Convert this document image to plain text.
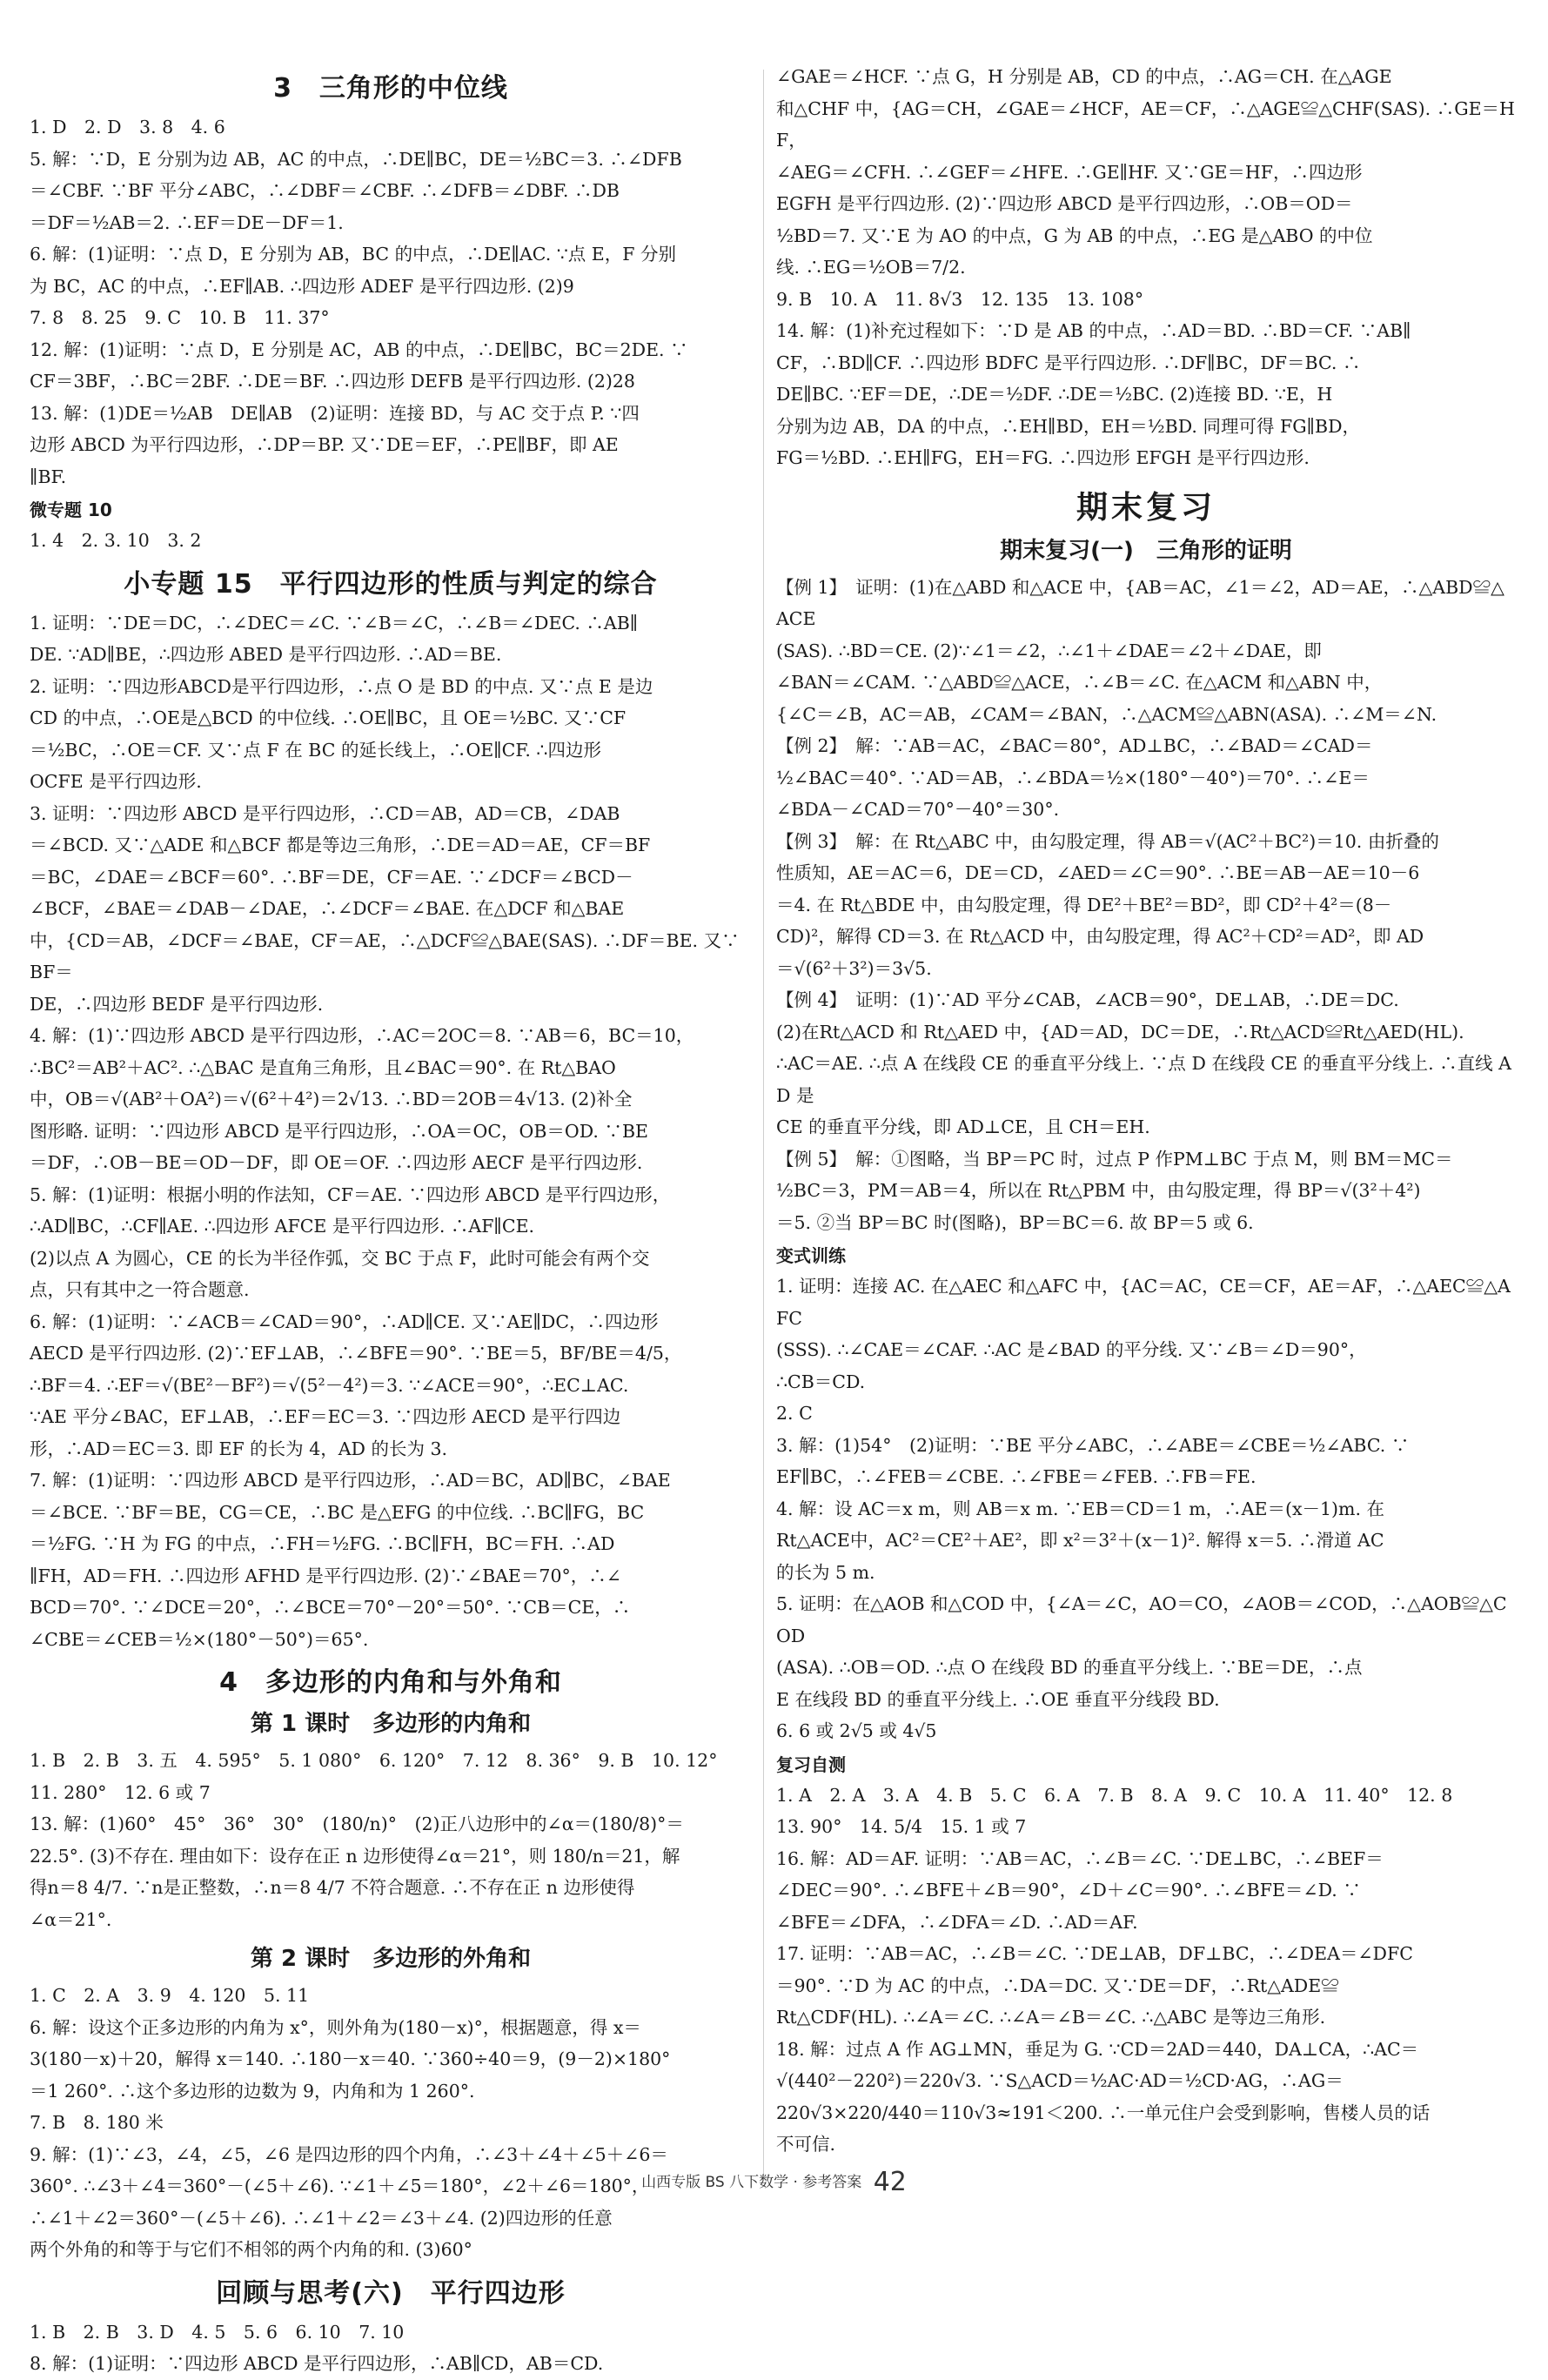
3　三角形的中位线

1. D　2. D　3. 8　4. 6

5. 解：∵D，E 分别为边 AB，AC 的中点，∴DE∥BC，DE＝½BC＝3. ∴∠DFB

＝∠CBF. ∵BF 平分∠ABC，∴∠DBF＝∠CBF. ∴∠DFB＝∠DBF. ∴DB

＝DF＝½AB＝2. ∴EF＝DE－DF＝1.

6. 解：(1)证明：∵点 D，E 分别为 AB，BC 的中点，∴DE∥AC. ∵点 E，F 分别

为 BC，AC 的中点，∴EF∥AB. ∴四边形 ADEF 是平行四边形. (2)9

7. 8　8. 25　9. C　10. B　11. 37°

12. 解：(1)证明：∵点 D，E 分别是 AC，AB 的中点，∴DE∥BC，BC＝2DE. ∵

CF＝3BF，∴BC＝2BF. ∴DE＝BF. ∴四边形 DEFB 是平行四边形. (2)28

13. 解：(1)DE＝½AB　DE∥AB　(2)证明：连接 BD，与 AC 交于点 P. ∵四

边形 ABCD 为平行四边形，∴DP＝BP. 又∵DE＝EF，∴PE∥BF，即 AE

∥BF.

微专题 10

1. 4　2. 3. 10　3. 2

小专题 15　平行四边形的性质与判定的综合

1. 证明：∵DE＝DC，∴∠DEC＝∠C. ∵∠B＝∠C，∴∠B＝∠DEC. ∴AB∥

DE. ∵AD∥BE，∴四边形 ABED 是平行四边形. ∴AD＝BE.

2. 证明：∵四边形ABCD是平行四边形，∴点 O 是 BD 的中点. 又∵点 E 是边

CD 的中点，∴OE是△BCD 的中位线. ∴OE∥BC，且 OE＝½BC. 又∵CF

＝½BC，∴OE＝CF. 又∵点 F 在 BC 的延长线上，∴OE∥CF. ∴四边形

OCFE 是平行四边形.

3. 证明：∵四边形 ABCD 是平行四边形，∴CD＝AB，AD＝CB，∠DAB

＝∠BCD. 又∵△ADE 和△BCF 都是等边三角形，∴DE＝AD＝AE，CF＝BF

＝BC，∠DAE＝∠BCF＝60°. ∴BF＝DE，CF＝AE. ∵∠DCF＝∠BCD－

∠BCF，∠BAE＝∠DAB－∠DAE，∴∠DCF＝∠BAE. 在△DCF 和△BAE

中，{CD＝AB，∠DCF＝∠BAE，CF＝AE，∴△DCF≌△BAE(SAS). ∴DF＝BE. 又∵BF＝

DE，∴四边形 BEDF 是平行四边形.

4. 解：(1)∵四边形 ABCD 是平行四边形，∴AC＝2OC＝8. ∵AB＝6，BC＝10，

∴BC²＝AB²＋AC². ∴△BAC 是直角三角形，且∠BAC＝90°. 在 Rt△BAO

中，OB＝√(AB²＋OA²)＝√(6²＋4²)＝2√13. ∴BD＝2OB＝4√13. (2)补全

图形略. 证明：∵四边形 ABCD 是平行四边形，∴OA＝OC，OB＝OD. ∵BE

＝DF，∴OB－BE＝OD－DF，即 OE＝OF. ∴四边形 AECF 是平行四边形.

5. 解：(1)证明：根据小明的作法知，CF＝AE. ∵四边形 ABCD 是平行四边形，

∴AD∥BC，∴CF∥AE. ∴四边形 AFCE 是平行四边形. ∴AF∥CE.

(2)以点 A 为圆心，CE 的长为半径作弧，交 BC 于点 F，此时可能会有两个交

点，只有其中之一符合题意.

6. 解：(1)证明：∵∠ACB＝∠CAD＝90°，∴AD∥CE. 又∵AE∥DC，∴四边形

AECD 是平行四边形. (2)∵EF⊥AB，∴∠BFE＝90°. ∵BE＝5，BF/BE＝4/5，

∴BF＝4. ∴EF＝√(BE²－BF²)＝√(5²－4²)＝3. ∵∠ACE＝90°，∴EC⊥AC.

∵AE 平分∠BAC，EF⊥AB，∴EF＝EC＝3. ∵四边形 AECD 是平行四边

形，∴AD＝EC＝3. 即 EF 的长为 4，AD 的长为 3.

7. 解：(1)证明：∵四边形 ABCD 是平行四边形，∴AD＝BC，AD∥BC，∠BAE

＝∠BCE. ∵BF＝BE，CG＝CE，∴BC 是△EFG 的中位线. ∴BC∥FG，BC

＝½FG. ∵H 为 FG 的中点，∴FH＝½FG. ∴BC∥FH，BC＝FH. ∴AD

∥FH，AD＝FH. ∴四边形 AFHD 是平行四边形. (2)∵∠BAE＝70°，∴∠

BCD＝70°. ∵∠DCE＝20°，∴∠BCE＝70°－20°＝50°. ∵CB＝CE，∴

∠CBE＝∠CEB＝½×(180°－50°)＝65°.

4　多边形的内角和与外角和
第 1 课时　多边形的内角和

1. B　2. B　3. 五　4. 595°　5. 1 080°　6. 120°　7. 12　8. 36°　9. B　10. 12°

11. 280°　12. 6 或 7

13. 解：(1)60°　45°　36°　30°　(180/n)°　(2)正八边形中的∠α＝(180/8)°＝

22.5°. (3)不存在. 理由如下：设存在正 n 边形使得∠α＝21°，则 180/n＝21，解

得n＝8 4/7. ∵n是正整数，∴n＝8 4/7 不符合题意. ∴不存在正 n 边形使得

∠α＝21°.

第 2 课时　多边形的外角和

1. C　2. A　3. 9　4. 120　5. 11

6. 解：设这个正多边形的内角为 x°，则外角为(180－x)°，根据题意，得 x＝

3(180－x)＋20，解得 x＝140. ∴180－x＝40. ∵360÷40＝9，(9－2)×180°

＝1 260°. ∴这个多边形的边数为 9，内角和为 1 260°.

7. B　8. 180 米

9. 解：(1)∵∠3，∠4，∠5，∠6 是四边形的四个内角，∴∠3＋∠4＋∠5＋∠6＝

360°. ∴∠3＋∠4＝360°－(∠5＋∠6). ∵∠1＋∠5＝180°，∠2＋∠6＝180°，

∴∠1＋∠2＝360°－(∠5＋∠6). ∴∠1＋∠2＝∠3＋∠4. (2)四边形的任意

两个外角的和等于与它们不相邻的两个内角的和. (3)60°

回顾与思考(六)　平行四边形

1. B　2. B　3. D　4. 5　5. 6　6. 10　7. 10

8. 解：(1)证明：∵四边形 ABCD 是平行四边形，∴AB∥CD，AB＝CD.

∠GAE＝∠HCF. ∵点 G，H 分别是 AB，CD 的中点，∴AG＝CH. 在△AGE

和△CHF 中，{AG＝CH，∠GAE＝∠HCF，AE＝CF，∴△AGE≌△CHF(SAS). ∴GE＝HF，

∠AEG＝∠CFH. ∴∠GEF＝∠HFE. ∴GE∥HF. 又∵GE＝HF，∴四边形

EGFH 是平行四边形. (2)∵四边形 ABCD 是平行四边形，∴OB＝OD＝

½BD＝7. 又∵E 为 AO 的中点，G 为 AB 的中点，∴EG 是△ABO 的中位

线. ∴EG＝½OB＝7/2.

9. B　10. A　11. 8√3　12. 135　13. 108°

14. 解：(1)补充过程如下：∵D 是 AB 的中点，∴AD＝BD. ∴BD＝CF. ∵AB∥

CF，∴BD∥CF. ∴四边形 BDFC 是平行四边形. ∴DF∥BC，DF＝BC. ∴

DE∥BC. ∵EF＝DE，∴DE＝½DF. ∴DE＝½BC. (2)连接 BD. ∵E，H

分别为边 AB，DA 的中点，∴EH∥BD，EH＝½BD. 同理可得 FG∥BD，

FG＝½BD. ∴EH∥FG，EH＝FG. ∴四边形 EFGH 是平行四边形.

期末复习
期末复习(一)　三角形的证明

【例 1】　证明：(1)在△ABD 和△ACE 中，{AB＝AC，∠1＝∠2，AD＝AE，∴△ABD≌△ACE

(SAS). ∴BD＝CE. (2)∵∠1＝∠2，∴∠1＋∠DAE＝∠2＋∠DAE，即

∠BAN＝∠CAM. ∵△ABD≌△ACE，∴∠B＝∠C. 在△ACM 和△ABN 中，

{∠C＝∠B，AC＝AB，∠CAM＝∠BAN，∴△ACM≌△ABN(ASA). ∴∠M＝∠N.

【例 2】　解：∵AB＝AC，∠BAC＝80°，AD⊥BC，∴∠BAD＝∠CAD＝

½∠BAC＝40°. ∵AD＝AB，∴∠BDA＝½×(180°－40°)＝70°. ∴∠E＝

∠BDA－∠CAD＝70°－40°＝30°.

【例 3】　解：在 Rt△ABC 中，由勾股定理，得 AB＝√(AC²＋BC²)＝10. 由折叠的

性质知，AE＝AC＝6，DE＝CD，∠AED＝∠C＝90°. ∴BE＝AB－AE＝10－6

＝4. 在 Rt△BDE 中，由勾股定理，得 DE²＋BE²＝BD²，即 CD²＋4²＝(8－

CD)²，解得 CD＝3. 在 Rt△ACD 中，由勾股定理，得 AC²＋CD²＝AD²，即 AD

＝√(6²＋3²)＝3√5.

【例 4】　证明：(1)∵AD 平分∠CAB，∠ACB＝90°，DE⊥AB，∴DE＝DC.

(2)在Rt△ACD 和 Rt△AED 中，{AD＝AD，DC＝DE，∴Rt△ACD≌Rt△AED(HL).

∴AC＝AE. ∴点 A 在线段 CE 的垂直平分线上. ∵点 D 在线段 CE 的垂直平分线上. ∴直线 AD 是

CE 的垂直平分线，即 AD⊥CE，且 CH＝EH.

【例 5】　解：①图略，当 BP＝PC 时，过点 P 作PM⊥BC 于点 M，则 BM＝MC＝

½BC＝3，PM＝AB＝4，所以在 Rt△PBM 中，由勾股定理，得 BP＝√(3²＋4²)

＝5. ②当 BP＝BC 时(图略)，BP＝BC＝6. 故 BP＝5 或 6.

变式训练

1. 证明：连接 AC. 在△AEC 和△AFC 中，{AC＝AC，CE＝CF，AE＝AF，∴△AEC≌△AFC

(SSS). ∴∠CAE＝∠CAF. ∴AC 是∠BAD 的平分线. 又∵∠B＝∠D＝90°，

∴CB＝CD.

2. C

3. 解：(1)54°　(2)证明：∵BE 平分∠ABC，∴∠ABE＝∠CBE＝½∠ABC. ∵

EF∥BC，∴∠FEB＝∠CBE. ∴∠FBE＝∠FEB. ∴FB＝FE.

4. 解：设 AC＝x m，则 AB＝x m. ∵EB＝CD＝1 m，∴AE＝(x－1)m. 在

Rt△ACE中，AC²＝CE²＋AE²，即 x²＝3²＋(x－1)². 解得 x＝5. ∴滑道 AC

的长为 5 m.

5. 证明：在△AOB 和△COD 中，{∠A＝∠C，AO＝CO，∠AOB＝∠COD，∴△AOB≌△COD

(ASA). ∴OB＝OD. ∴点 O 在线段 BD 的垂直平分线上. ∵BE＝DE，∴点

E 在线段 BD 的垂直平分线上. ∴OE 垂直平分线段 BD.

6. 6 或 2√5 或 4√5

复习自测

1. A　2. A　3. A　4. B　5. C　6. A　7. B　8. A　9. C　10. A　11. 40°　12. 8

13. 90°　14. 5/4　15. 1 或 7

16. 解：AD＝AF. 证明：∵AB＝AC，∴∠B＝∠C. ∵DE⊥BC，∴∠BEF＝

∠DEC＝90°. ∴∠BFE＋∠B＝90°，∠D＋∠C＝90°. ∴∠BFE＝∠D. ∵

∠BFE＝∠DFA，∴∠DFA＝∠D. ∴AD＝AF.

17. 证明：∵AB＝AC，∴∠B＝∠C. ∵DE⊥AB，DF⊥BC，∴∠DEA＝∠DFC

＝90°. ∵D 为 AC 的中点，∴DA＝DC. 又∵DE＝DF，∴Rt△ADE≌

Rt△CDF(HL). ∴∠A＝∠C. ∴∠A＝∠B＝∠C. ∴△ABC 是等边三角形.

18. 解：过点 A 作 AG⊥MN，垂足为 G. ∵CD＝2AD＝440，DA⊥CA，∴AC＝

√(440²－220²)＝220√3. ∵S△ACD＝½AC·AD＝½CD·AG，∴AG＝

220√3×220/440＝110√3≈191＜200. ∴一单元住户会受到影响，售楼人员的话

不可信.

山西专版 BS 八下数学 · 参考答案 42
